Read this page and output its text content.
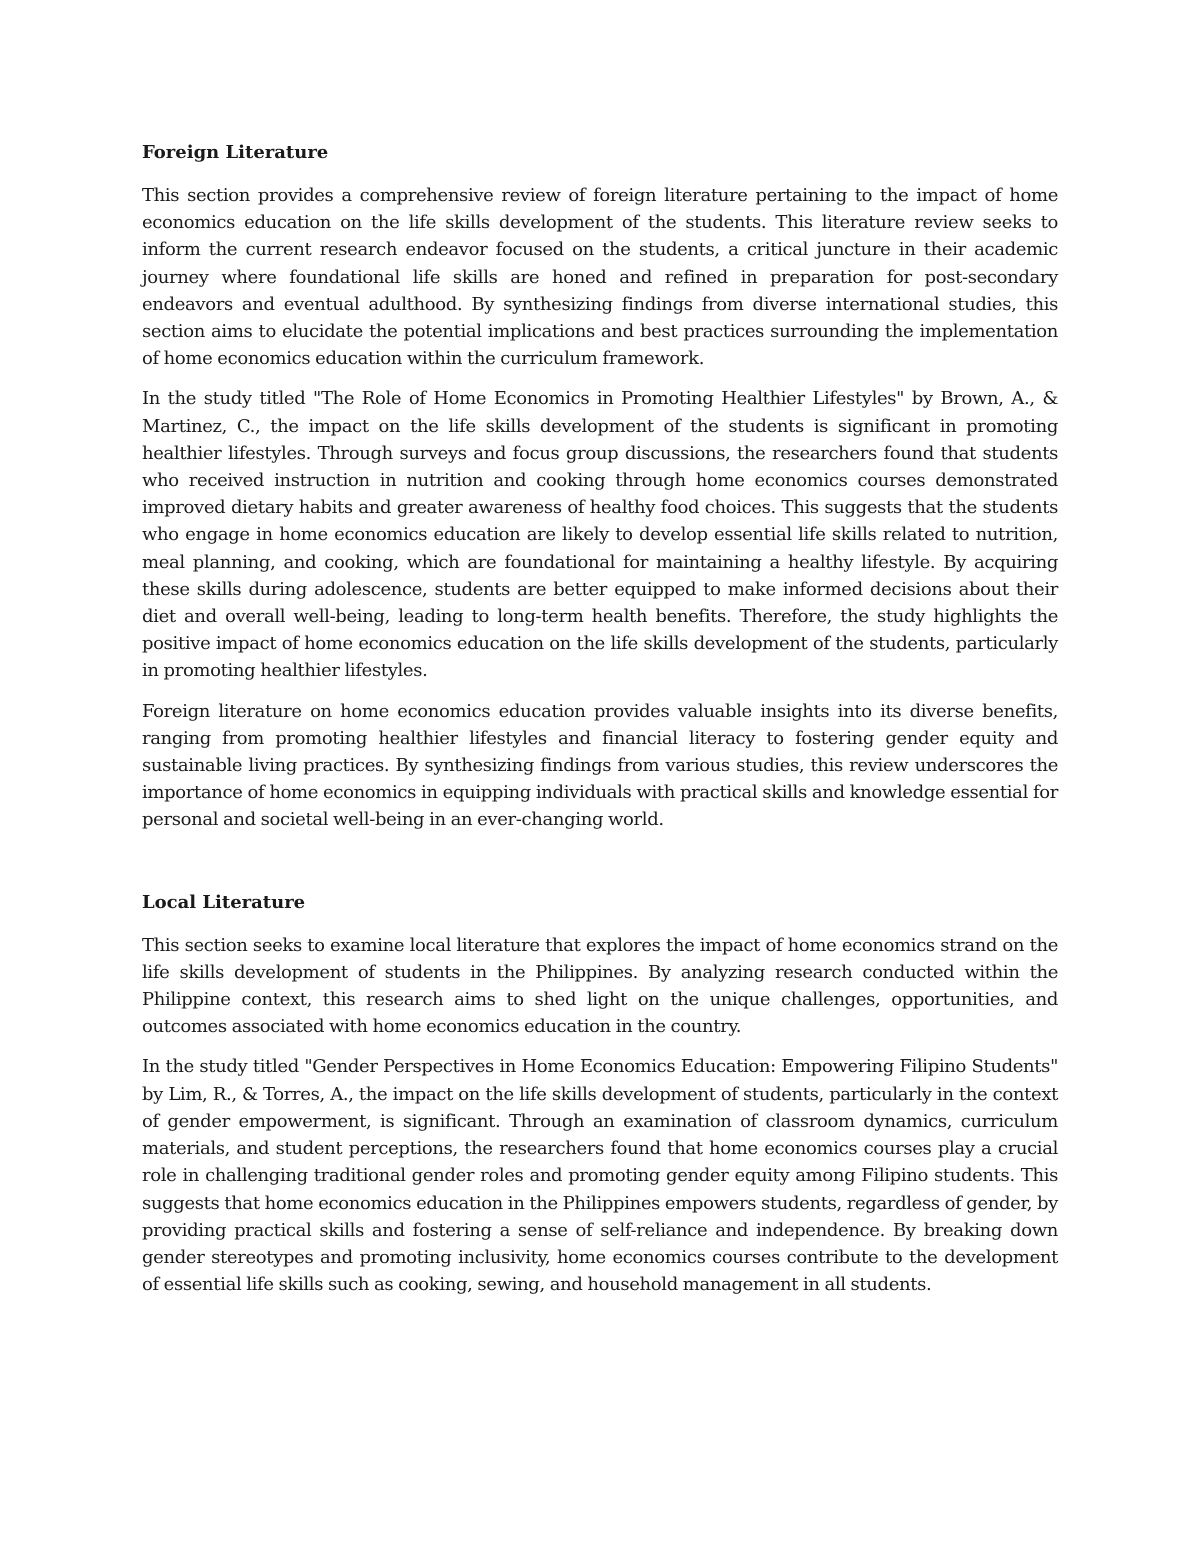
Foreign Literature

This section provides a comprehensive review of foreign literature pertaining to the impact of home economics education on the life skills development of the students. This literature review seeks to inform the current research endeavor focused on the students, a critical juncture in their academic journey where foundational life skills are honed and refined in preparation for post-secondary endeavors and eventual adulthood. By synthesizing findings from diverse international studies, this section aims to elucidate the potential implications and best practices surrounding the implementation of home economics education within the curriculum framework.

In the study titled "The Role of Home Economics in Promoting Healthier Lifestyles" by Brown, A., & Martinez, C., the impact on the life skills development of the students is significant in promoting healthier lifestyles. Through surveys and focus group discussions, the researchers found that students who received instruction in nutrition and cooking through home economics courses demonstrated improved dietary habits and greater awareness of healthy food choices. This suggests that the students who engage in home economics education are likely to develop essential life skills related to nutrition, meal planning, and cooking, which are foundational for maintaining a healthy lifestyle. By acquiring these skills during adolescence, students are better equipped to make informed decisions about their diet and overall well-being, leading to long-term health benefits. Therefore, the study highlights the positive impact of home economics education on the life skills development of the students, particularly in promoting healthier lifestyles.

Foreign literature on home economics education provides valuable insights into its diverse benefits, ranging from promoting healthier lifestyles and financial literacy to fostering gender equity and sustainable living practices. By synthesizing findings from various studies, this review underscores the importance of home economics in equipping individuals with practical skills and knowledge essential for personal and societal well-being in an ever-changing world.

Local Literature

This section seeks to examine local literature that explores the impact of home economics strand on the life skills development of students in the Philippines. By analyzing research conducted within the Philippine context, this research aims to shed light on the unique challenges, opportunities, and outcomes associated with home economics education in the country.

In the study titled "Gender Perspectives in Home Economics Education: Empowering Filipino Students" by Lim, R., & Torres, A., the impact on the life skills development of students, particularly in the context of gender empowerment, is significant. Through an examination of classroom dynamics, curriculum materials, and student perceptions, the researchers found that home economics courses play a crucial role in challenging traditional gender roles and promoting gender equity among Filipino students. This suggests that home economics education in the Philippines empowers students, regardless of gender, by providing practical skills and fostering a sense of self-reliance and independence. By breaking down gender stereotypes and promoting inclusivity, home economics courses contribute to the development of essential life skills such as cooking, sewing, and household management in all students.
